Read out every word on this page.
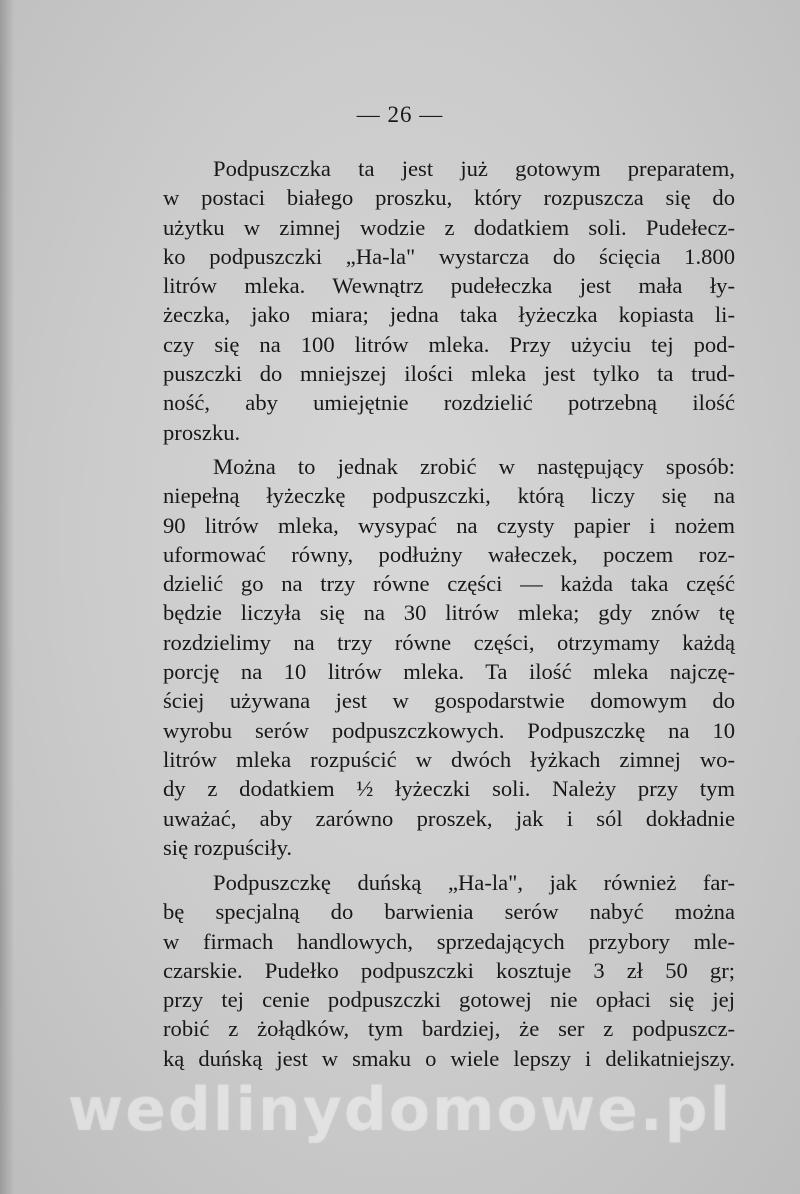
— 26 —

Podpuszczka ta jest już gotowym preparatem,

w postaci białego proszku, który rozpuszcza się do

użytku w zimnej wodzie z dodatkiem soli. Pudełecz-

ko podpuszczki „Ha-la" wystarcza do ścięcia 1.800

litrów mleka. Wewnątrz pudełeczka jest mała ły-

żeczka, jako miara; jedna taka łyżeczka kopiasta li-

czy się na 100 litrów mleka. Przy użyciu tej pod-

puszczki do mniejszej ilości mleka jest tylko ta trud-

ność, aby umiejętnie rozdzielić potrzebną ilość

proszku.

Można to jednak zrobić w następujący sposób:

niepełną łyżeczkę podpuszczki, którą liczy się na

90 litrów mleka, wysypać na czysty papier i nożem

uformować równy, podłużny wałeczek, poczem roz-

dzielić go na trzy równe części — każda taka część

będzie liczyła się na 30 litrów mleka; gdy znów tę

rozdzielimy na trzy równe części, otrzymamy każdą

porcję na 10 litrów mleka. Ta ilość mleka najczę-

ściej używana jest w gospodarstwie domowym do

wyrobu serów podpuszczkowych. Podpuszczkę na 10

litrów mleka rozpuścić w dwóch łyżkach zimnej wo-

dy z dodatkiem ½ łyżeczki soli. Należy przy tym

uważać, aby zarówno proszek, jak i sól dokładnie

się rozpuściły.

Podpuszczkę duńską „Ha-la", jak również far-

bę specjalną do barwienia serów nabyć można

w firmach handlowych, sprzedających przybory mle-

czarskie. Pudełko podpuszczki kosztuje 3 zł 50 gr;

przy tej cenie podpuszczki gotowej nie opłaci się jej

robić z żołądków, tym bardziej, że ser z podpuszcz-

ką duńską jest w smaku o wiele lepszy i delikatniejszy.

wedlinydomowe.pl
